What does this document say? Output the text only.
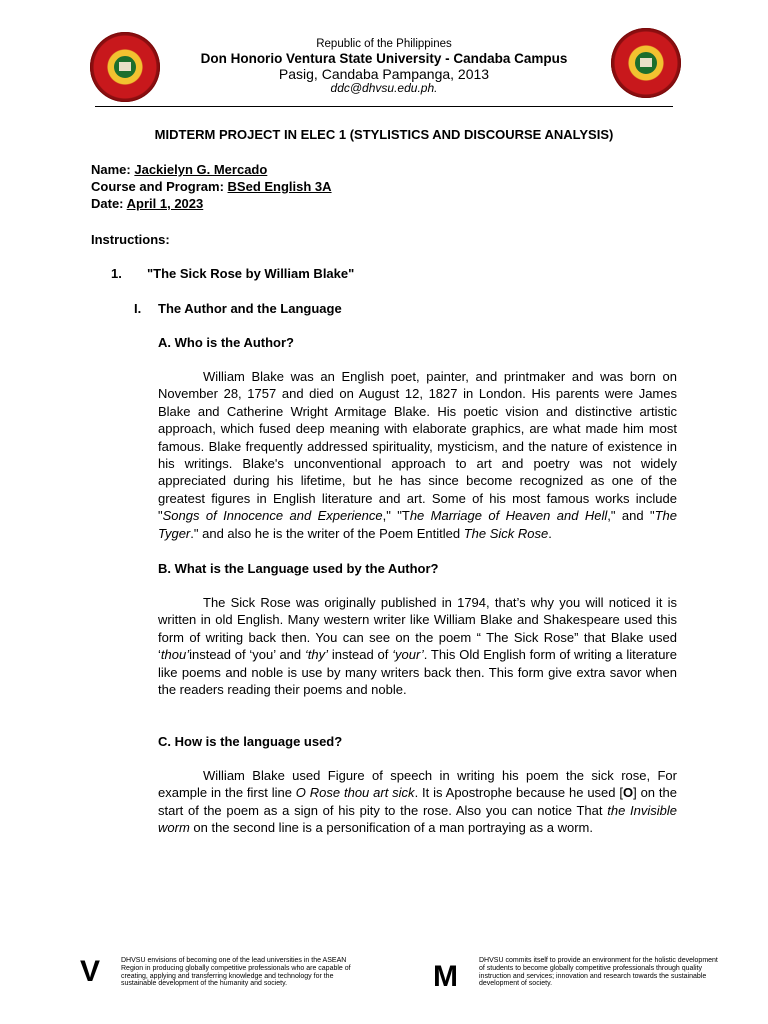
Republic of the Philippines
Don Honorio Ventura State University - Candaba Campus
Pasig, Candaba Pampanga, 2013
ddc@dhvsu.edu.ph.
MIDTERM PROJECT IN ELEC 1 (STYLISTICS AND DISCOURSE ANALYSIS)
Name: Jackielyn G. Mercado
Course and Program: BSed English 3A
Date: April 1, 2023
Instructions:
1. "The Sick Rose by William Blake"
I. The Author and the Language
A. Who is the Author?

William Blake was an English poet, painter, and printmaker and was born on November 28, 1757 and died on August 12, 1827 in London. His parents were James Blake and Catherine Wright Armitage Blake. His poetic vision and distinctive artistic approach, which fused deep meaning with elaborate graphics, are what made him most famous. Blake frequently addressed spirituality, mysticism, and the nature of existence in his writings. Blake's unconventional approach to art and poetry was not widely appreciated during his lifetime, but he has since become recognized as one of the greatest figures in English literature and art. Some of his most famous works include "Songs of Innocence and Experience," "The Marriage of Heaven and Hell," and "The Tyger." and also he is the writer of the Poem Entitled The Sick Rose.

B. What is the Language used by the Author?

The Sick Rose was originally published in 1794, that’s why you will noticed it is written in old English. Many western writer like William Blake and Shakespeare used this form of writing back then. You can see on the poem “ The Sick Rose” that Blake used ‘thou’instead of ‘you’ and ‘thy’ instead of ‘your’. This Old English form of writing a literature like poems and noble is use by many writers back then. This form give extra savor when the readers reading their poems and noble.

C. How is the language used?

William Blake used Figure of speech in writing his poem the sick rose, For example in the first line O Rose thou art sick. It is Apostrophe because he used [O] on the start of the poem as a sign of his pity to the rose. Also you can notice That the Invisible worm on the second line is a personification of a man portraying as a worm.

V	DHVSU envisions of becoming one of the lead universities in the ASEAN Region in producing globally competitive professionals who are capable of creating, applying and transferring knowledge and technology for the sustainable development of the humanity and society.	M	DHVSU commits itself to provide an environment for the holistic development of students to become globally competitive professionals through quality instruction and services; innovation and research towards the sustainable development of society.
